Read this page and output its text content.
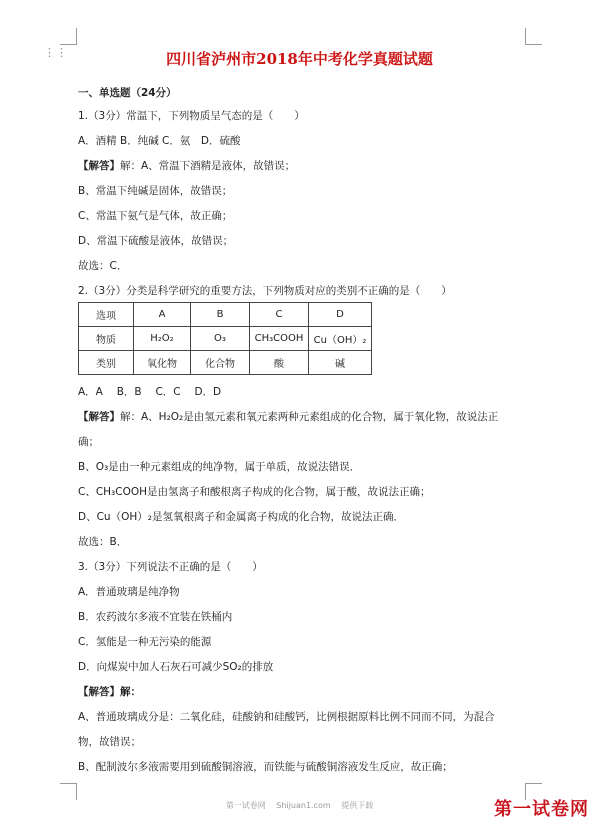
⋮⋮	四川省泸州市2018年中考化学真题试题
一、单选题（24分）
1.（3分）常温下，下列物质呈气态的是（　　）
A．酒精 B．纯碱 C．氨　D．硫酸
【解答】解：A、常温下酒精是液体，故错误；
B、常温下纯碱是固体，故错误；
C、常温下氨气是气体，故正确；
D、常温下硫酸是液体，故错误；
故选：C．
2.（3分）分类是科学研究的重要方法，下列物质对应的类别不正确的是（　　）
选项	A	B	C	D
物质	H₂O₂	O₃	CH₃COOH	Cu（OH）₂
类别	氧化物	化合物	酸	碱
A．A　 B．B　 C．C　 D．D
【解答】解：A、H₂O₂是由氢元素和氧元素两种元素组成的化合物，属于氧化物，故说法正
确；
B、O₃是由一种元素组成的纯净物，属于单质，故说法错误．
C、CH₃COOH是由氢离子和酸根离子构成的化合物，属于酸，故说法正确；
D、Cu（OH）₂是氢氧根离子和金属离子构成的化合物，故说法正确．
故选：B．
3.（3分）下列说法不正确的是（　　）
A．普通玻璃是纯净物
B．农药波尔多液不宜装在铁桶内
C．氢能是一种无污染的能源
D．向煤炭中加人石灰石可减少SO₂的排放
【解答】解：
A、普通玻璃成分是：二氧化硅，硅酸钠和硅酸钙，比例根据原料比例不同而不同，为混合
物，故错误；
B、配制波尔多液需要用到硫酸铜溶液，而铁能与硫酸铜溶液发生反应，故正确；
第一试卷网 Shijuan1.com 提供下载	第一试卷网
